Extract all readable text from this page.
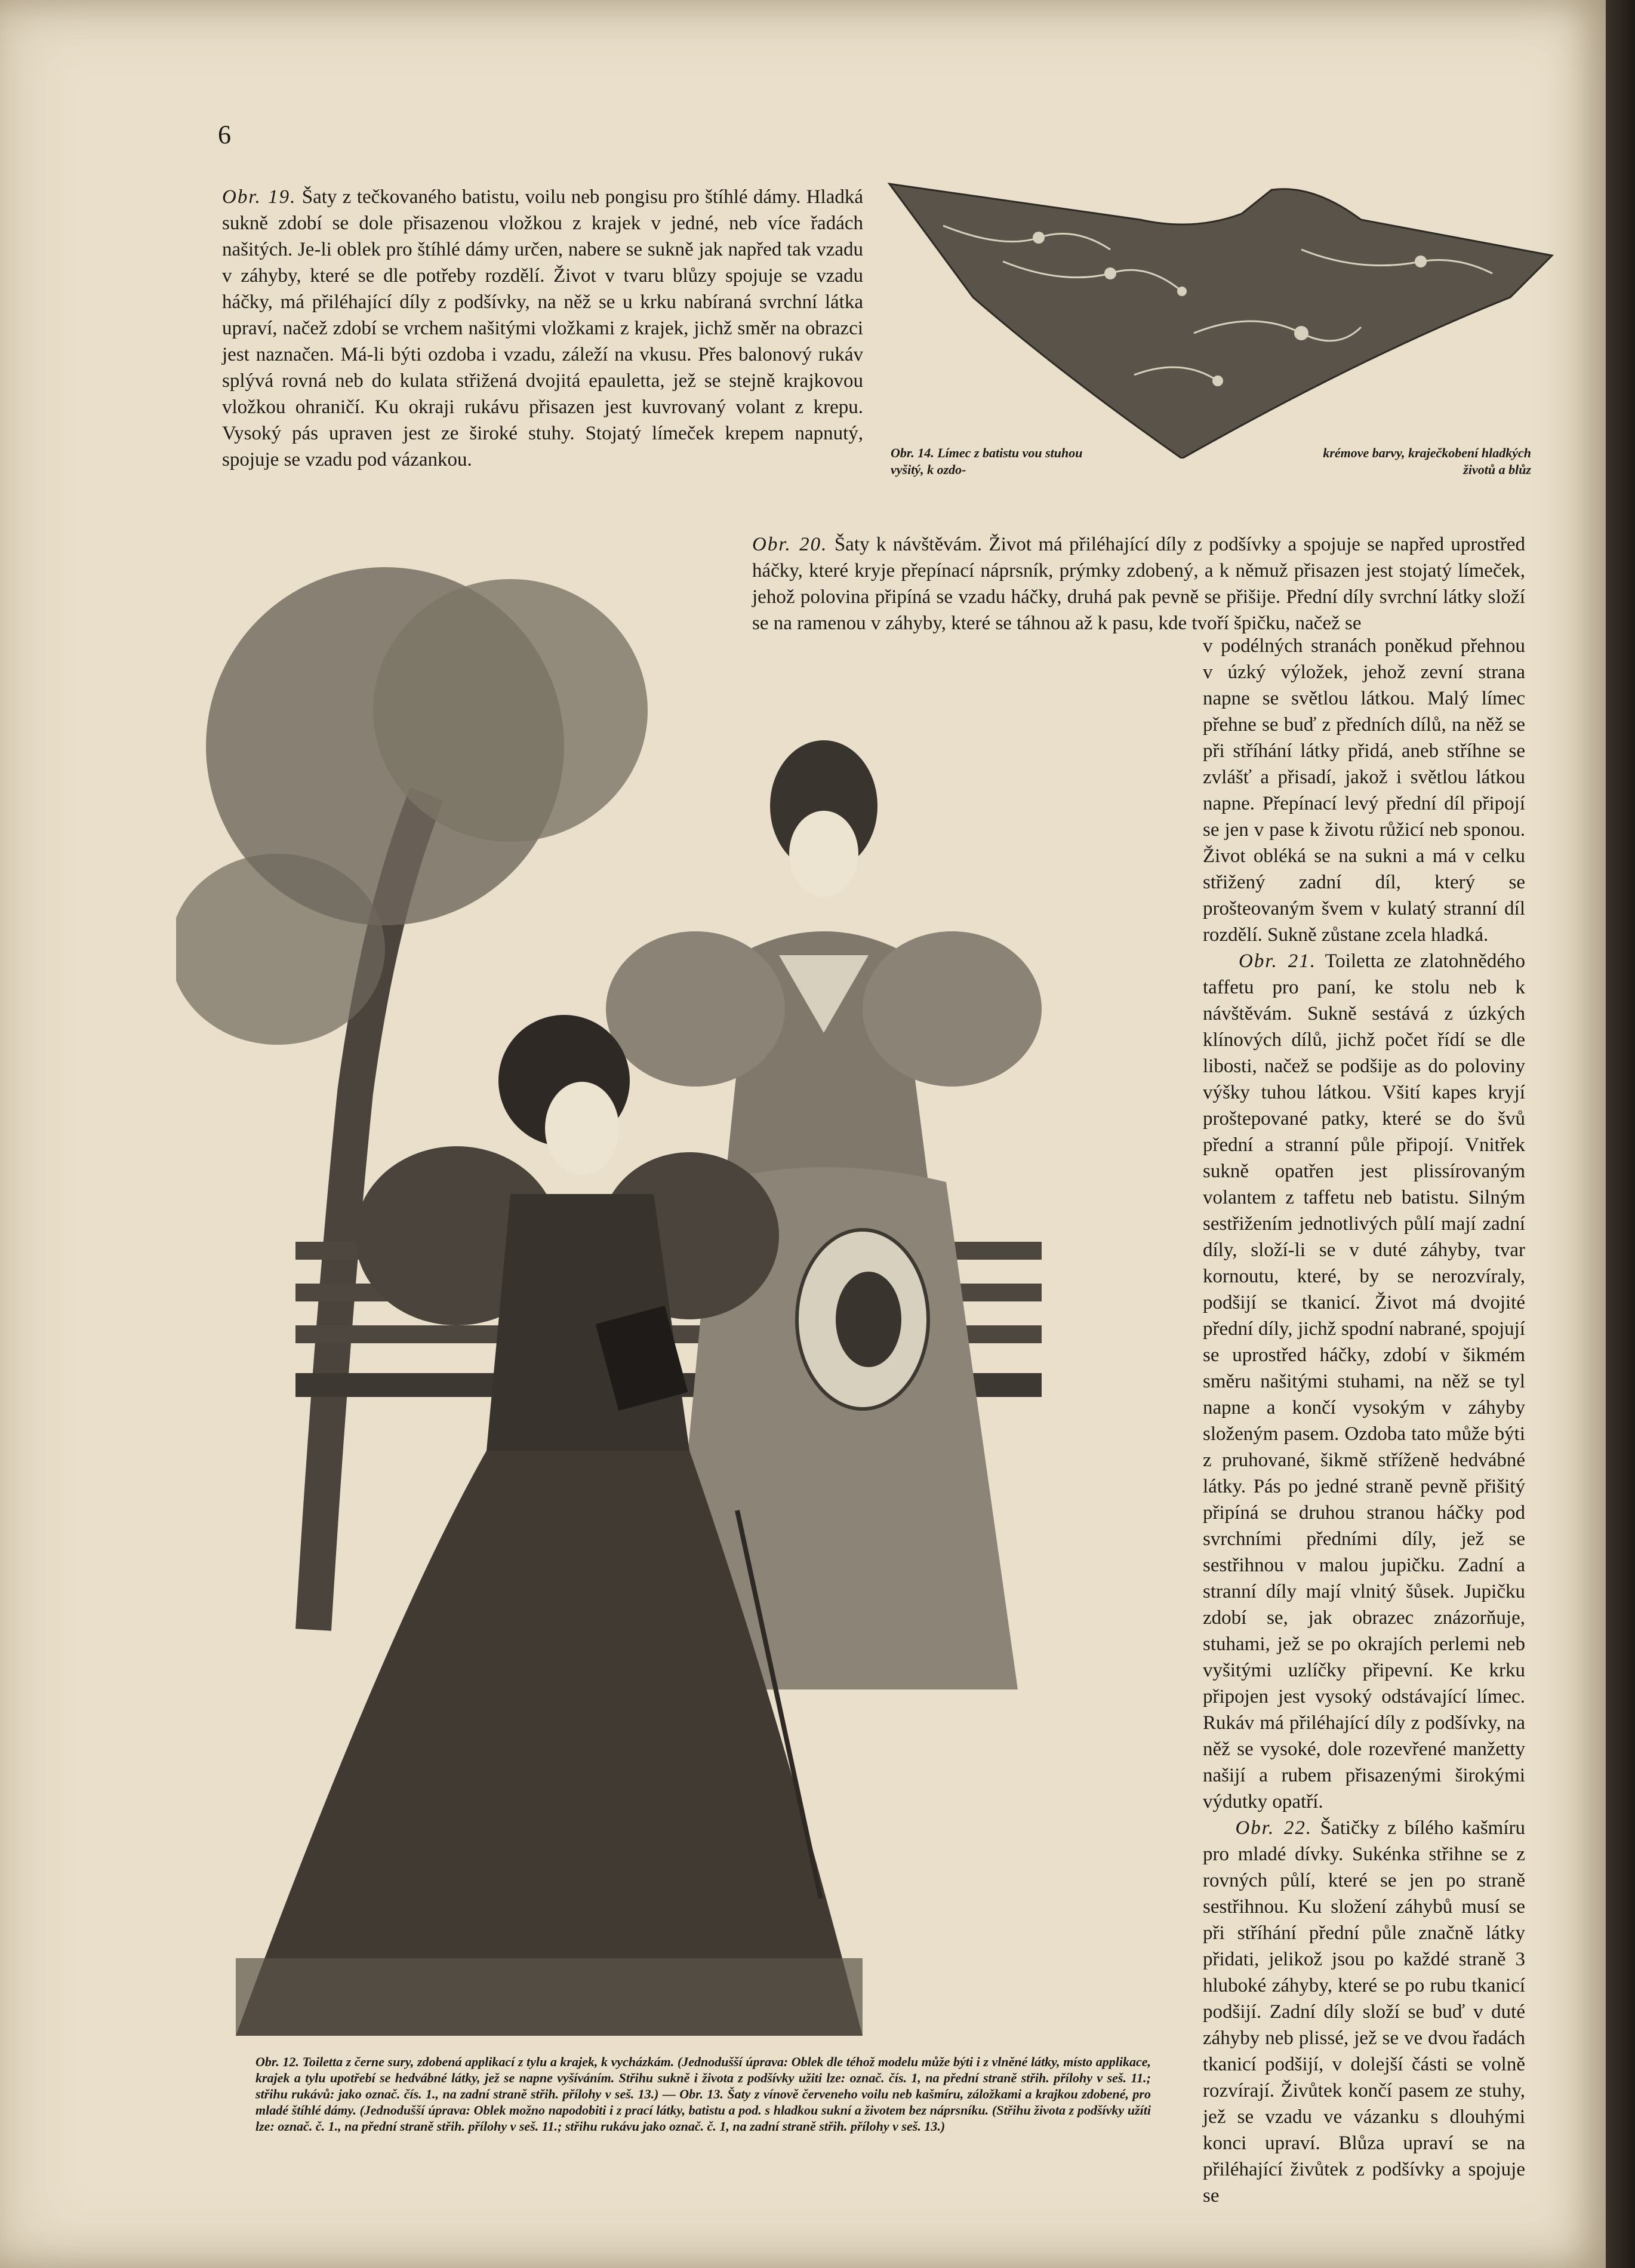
6

Obr. 14. Límec z batistu vou stuhou vyšitý, k ozdo-

krémove barvy, kraječkobení hladkých životů a blůz

Obr. 19. Šaty z tečkovaného batistu, voilu neb pongisu pro štíhlé dámy. Hladká sukně zdobí se dole přisazenou vložkou z krajek v jedné, neb více řadách našitých. Je-li oblek pro štíhlé dámy určen, nabere se sukně jak napřed tak vzadu v záhyby, které se dle potřeby rozdělí. Život v tvaru blůzy spojuje se vzadu háčky, má přiléhající díly z podšívky, na něž se u krku nabíraná svrchní látka upraví, načež zdobí se vrchem našitými vložkami z krajek, jichž směr na obrazci jest naznačen. Má-li býti ozdoba i vzadu, záleží na vkusu. Přes balonový rukáv splývá rovná neb do kulata střižená dvojitá epauletta, jež se stejně krajkovou vložkou ohraničí. Ku okraji rukávu přisazen jest kuvrovaný volant z krepu. Vysoký pás upraven jest ze široké stuhy. Stojatý límeček krepem napnutý, spojuje se vzadu pod vázankou.

Obr. 20. Šaty k návštěvám. Život má přiléhající díly z podšívky a spojuje se napřed uprostřed háčky, které kryje přepínací náprsník, prýmky zdobený, a k němuž přisazen jest stojatý límeček, jehož polovina připíná se vzadu háčky, druhá pak pevně se přišije. Přední díly svrchní látky složí se na ramenou v záhyby, které se táhnou až k pasu, kde tvoří špičku, načež se

v podélných stranách poněkud přehnou v úzký výložek, jehož zevní strana napne se světlou látkou. Malý límec přehne se buď z předních dílů, na něž se při stříhání látky přidá, aneb stříhne se zvlášť a přisadí, jakož i světlou látkou napne. Přepínací levý přední díl připojí se jen v pase k životu růžicí neb sponou. Život obléká se na sukni a má v celku střižený zadní díl, který se prošteovaným švem v kulatý stranní díl rozdělí. Sukně zůstane zcela hladká.
Obr. 21. Toiletta ze zlatohnědého taffetu pro paní, ke stolu neb k návštěvám. Sukně sestává z úzkých klínových dílů, jichž počet řídí se dle libosti, načež se podšije as do poloviny výšky tuhou látkou. Všití kapes kryjí proštepované patky, které se do švů přední a stranní půle připojí. Vnitřek sukně opatřen jest plissírovaným volantem z taffetu neb batistu. Silným sestřižením jednotlivých půlí mají zadní díly, složí-li se v duté záhyby, tvar kornoutu, které, by se nerozvíraly, podšijí se tkanicí. Život má dvojité přední díly, jichž spodní nabrané, spojují se uprostřed háčky, zdobí v šikmém směru našitými stuhami, na něž se tyl napne a končí vysokým v záhyby složeným pasem. Ozdoba tato může býti z pruhované, šikmě stříženě hedvábné látky. Pás po jedné straně pevně přišitý připíná se druhou stranou háčky pod svrchními předními díly, jež se sestřihnou v malou jupičku. Zadní a stranní díly mají vlnitý šůsek. Jupičku zdobí se, jak obrazec znázorňuje, stuhami, jež se po okrajích perlemi neb vyšitými uzlíčky připevní. Ke krku připojen jest vysoký odstávající límec. Rukáv má přiléhající díly z podšívky, na něž se vysoké, dole rozevřené manžetty našijí a rubem přisazenými širokými výdutky opatří.
Obr. 22. Šatičky z bílého kašmíru pro mladé dívky. Sukénka střihne se z rovných půlí, které se jen po straně sestřihnou. Ku složení záhybů musí se při stříhání přední půle značně látky přidati, jelikož jsou po každé straně 3 hluboké záhyby, které se po rubu tkanicí podšijí. Zadní díly složí se buď v duté záhyby neb plissé, jež se ve dvou řadách tkanicí podšijí, v dolejší části se volně rozvírají. Živůtek končí pasem ze stuhy, jež se vzadu ve vázanku s dlouhými konci upraví. Blůza upraví se na přiléhající živůtek z podšívky a spojuje se

Obr. 12. Toiletta z černe sury, zdobená applikací z tylu a krajek, k vycházkám. (Jednodušší úprava: Oblek dle téhož modelu může býti i z vlněné látky, místo applikace, krajek a tylu upotřebí se hedvábné látky, jež se napne vyšíváním. Střihu sukně i života z podšívky užiti lze: označ. čís. 1, na přední straně střih. přílohy v seš. 11.; střihu rukávů: jako označ. čís. 1., na zadní straně střih. přílohy v seš. 13.) — Obr. 13. Šaty z vínově červeneho voilu neb kašmíru, záložkami a krajkou zdobené, pro mladé štíhlé dámy. (Jednodušší úprava: Oblek možno napodobiti i z prací látky, batistu a pod. s hladkou sukní a životem bez náprsníku. (Střihu života z podšívky užíti lze: označ. č. 1., na přední straně střih. přílohy v seš. 11.; střihu rukávu jako označ. č. 1, na zadní straně střih. přílohy v seš. 13.)
